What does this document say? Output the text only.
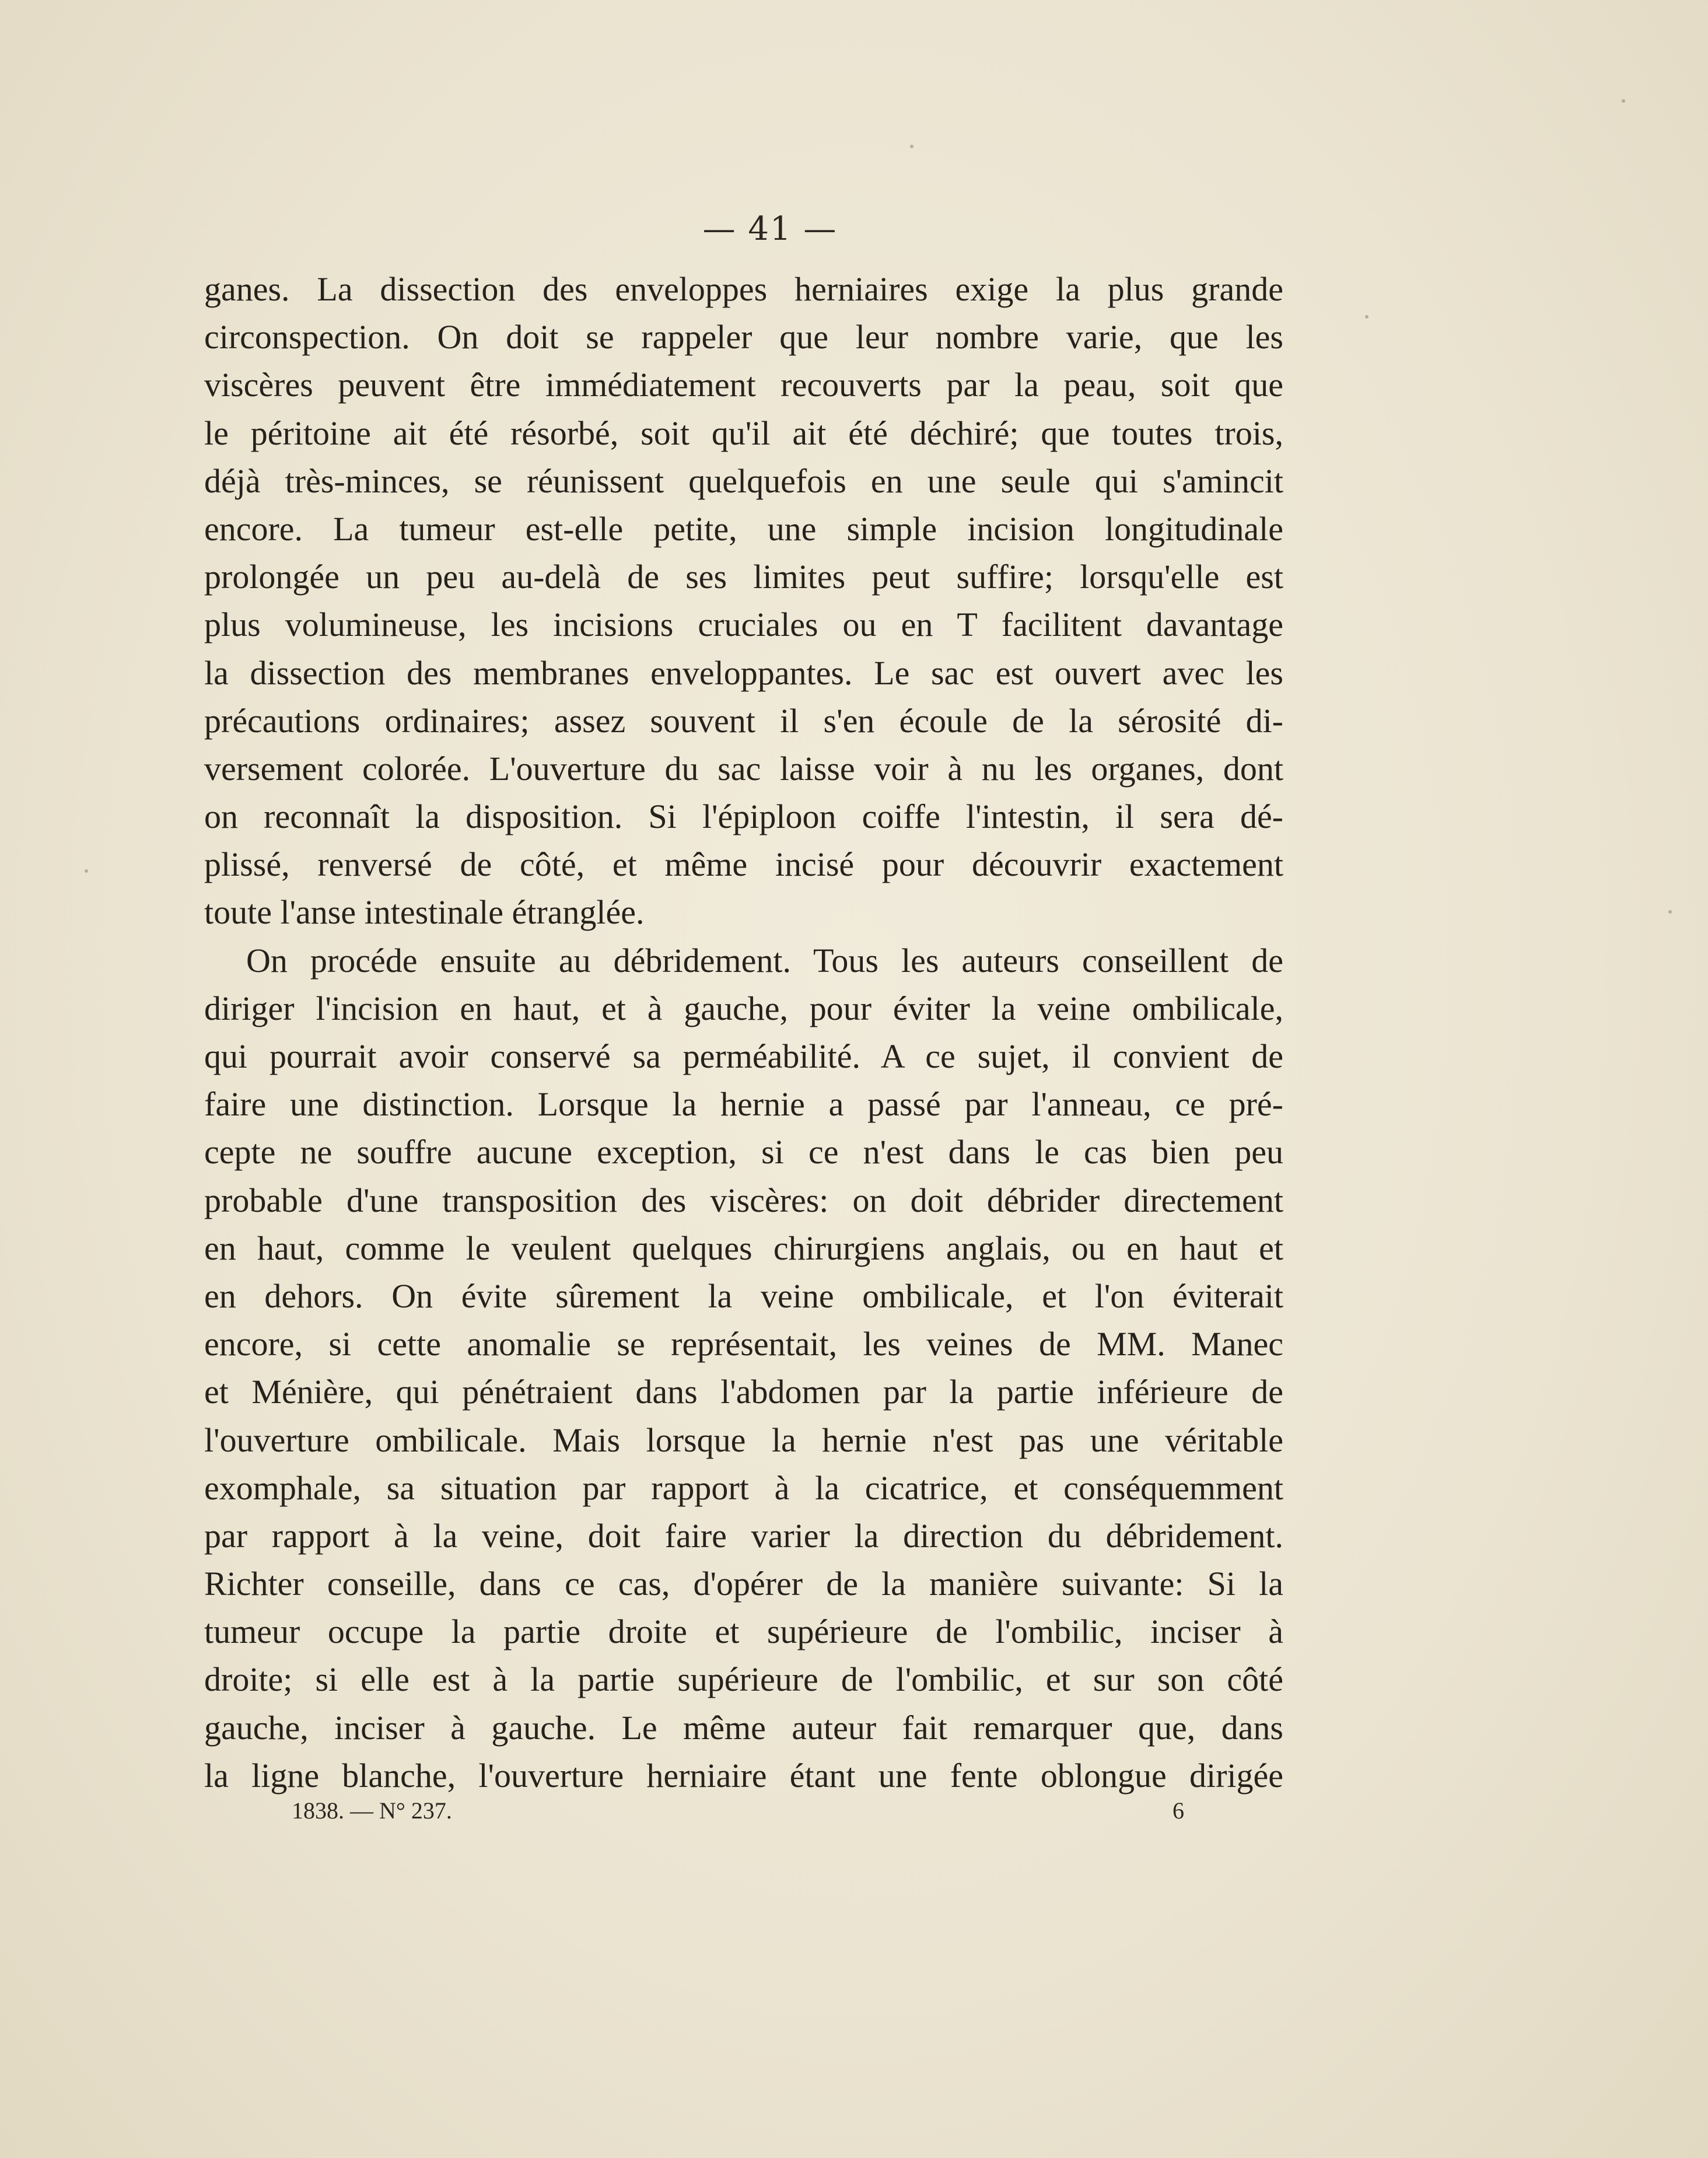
— 41 —
ganes. La dissection des enveloppes herniaires exige la plus grande
circonspection. On doit se rappeler que leur nombre varie, que les
viscères peuvent être immédiatement recouverts par la peau, soit que
le péritoine ait été résorbé, soit qu'il ait été déchiré; que toutes trois,
déjà très-minces, se réunissent quelquefois en une seule qui s'amincit
encore. La tumeur est-elle petite, une simple incision longitudinale
prolongée un peu au-delà de ses limites peut suffire; lorsqu'elle est
plus volumineuse, les incisions cruciales ou en T facilitent davantage
la dissection des membranes enveloppantes. Le sac est ouvert avec les
précautions ordinaires; assez souvent il s'en écoule de la sérosité di-
versement colorée. L'ouverture du sac laisse voir à nu les organes, dont
on reconnaît la disposition. Si l'épiploon coiffe l'intestin, il sera dé-
plissé, renversé de côté, et même incisé pour découvrir exactement
toute l'anse intestinale étranglée.
On procéde ensuite au débridement. Tous les auteurs conseillent de
diriger l'incision en haut, et à gauche, pour éviter la veine ombilicale,
qui pourrait avoir conservé sa perméabilité. A ce sujet, il convient de
faire une distinction. Lorsque la hernie a passé par l'anneau, ce pré-
cepte ne souffre aucune exception, si ce n'est dans le cas bien peu
probable d'une transposition des viscères: on doit débrider directement
en haut, comme le veulent quelques chirurgiens anglais, ou en haut et
en dehors. On évite sûrement la veine ombilicale, et l'on éviterait
encore, si cette anomalie se représentait, les veines de MM. Manec
et Ménière, qui pénétraient dans l'abdomen par la partie inférieure de
l'ouverture ombilicale. Mais lorsque la hernie n'est pas une véritable
exomphale, sa situation par rapport à la cicatrice, et conséquemment
par rapport à la veine, doit faire varier la direction du débridement.
Richter conseille, dans ce cas, d'opérer de la manière suivante: Si la
tumeur occupe la partie droite et supérieure de l'ombilic, inciser à
droite; si elle est à la partie supérieure de l'ombilic, et sur son côté
gauche, inciser à gauche. Le même auteur fait remarquer que, dans
la ligne blanche, l'ouverture herniaire étant une fente oblongue dirigée
1838. — N° 237.	6
